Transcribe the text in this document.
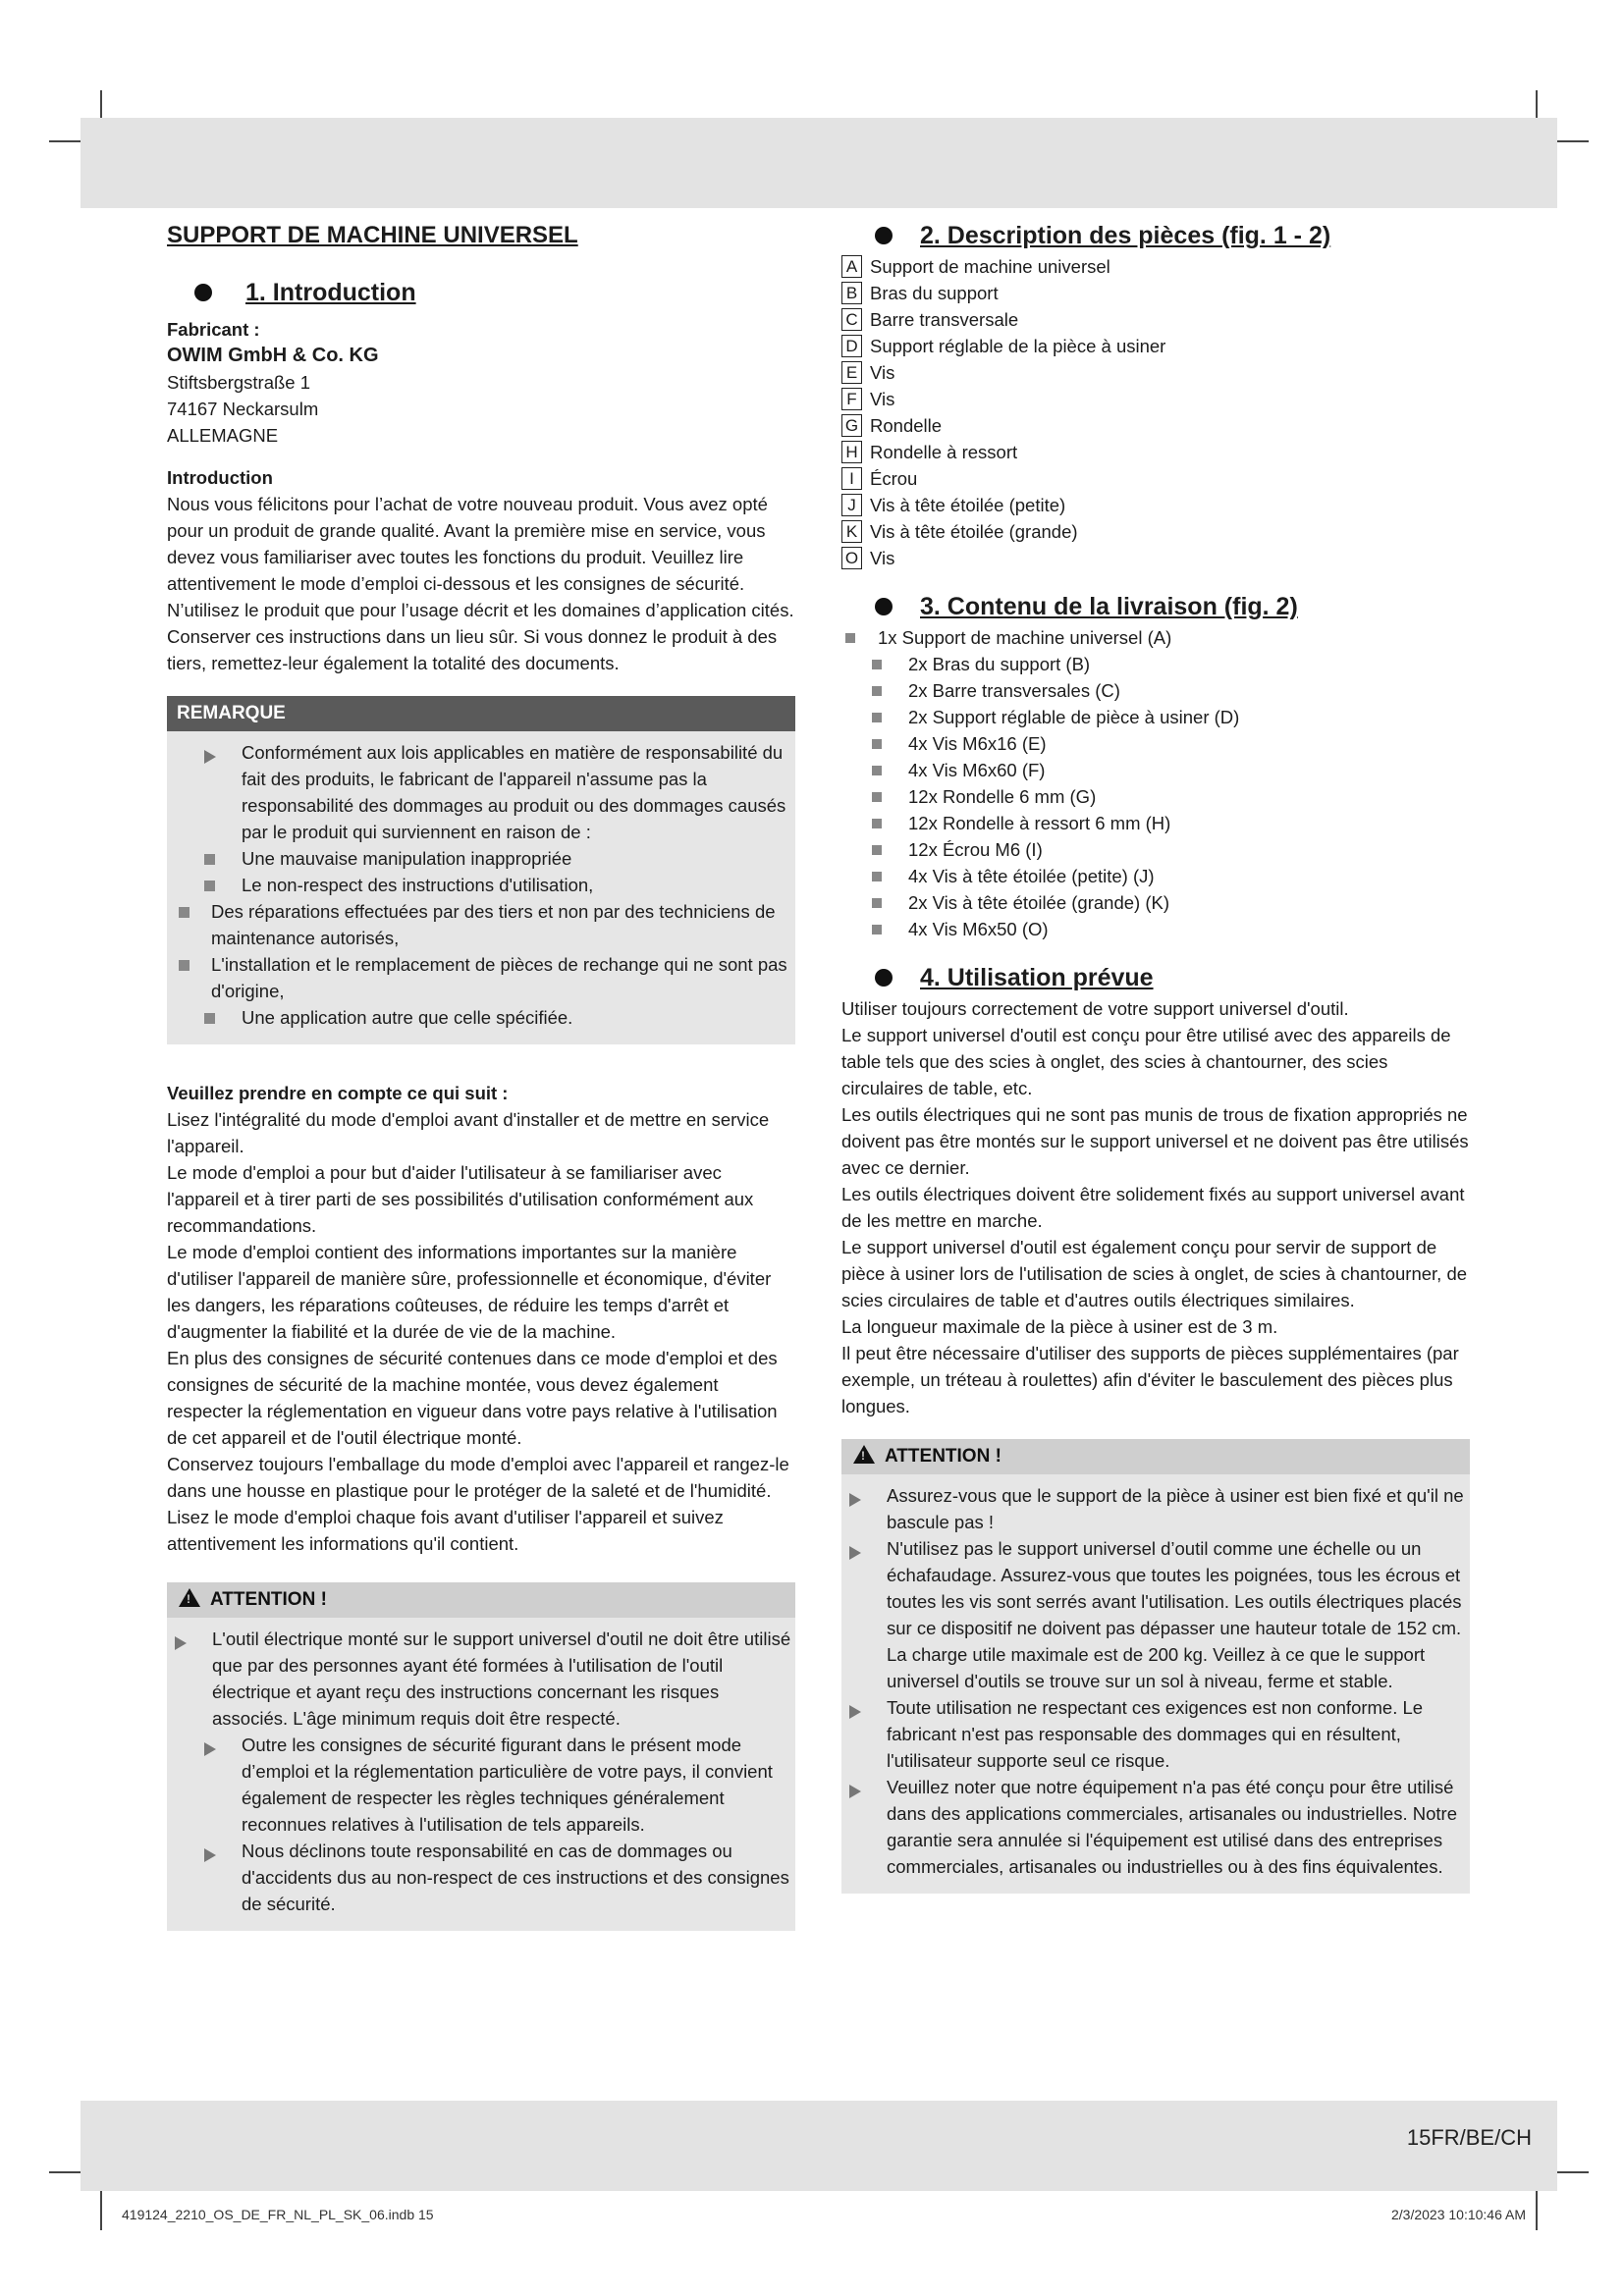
15FR/BE/CH
419124_2210_OS_DE_FR_NL_PL_SK_06.indb 15	2/3/2023 10:10:46 AM
SUPPORT DE MACHINE UNIVERSEL
1. Introduction
Fabricant :
OWIM GmbH & Co. KG
Stiftsbergstraße 1
74167 Neckarsulm
ALLEMAGNE
Introduction

Nous vous félicitons pour l’achat de votre nouveau produit. Vous avez opté pour un produit de grande qualité. Avant la première mise en service, vous devez vous familiariser avec toutes les fonctions du produit. Veuillez lire attentivement le mode d’emploi ci-dessous et les consignes de sécurité. N’utilisez le produit que pour l’usage décrit et les domaines d’application cités. Conserver ces instructions dans un lieu sûr. Si vous donnez le produit à des tiers, remettez-leur également la totalité des documents.

REMARQUE
Conformément aux lois applicables en matière de responsabilité du fait des produits, le fabricant de l'appareil n'assume pas la responsabilité des dommages au produit ou des dommages causés par le produit qui surviennent en raison de :
Une mauvaise manipulation inappropriée
Le non-respect des instructions d'utilisation,
Des réparations effectuées par des tiers et non par des techniciens de maintenance autorisés,
L'installation et le remplacement de pièces de rechange qui ne sont pas d'origine,
Une application autre que celle spécifiée.
Veuillez prendre en compte ce qui suit :

Lisez l'intégralité du mode d'emploi avant d'installer et de mettre en service l'appareil.

Le mode d'emploi a pour but d'aider l'utilisateur à se familiariser avec l'appareil et à tirer parti de ses possibilités d'utilisation conformément aux recommandations.

Le mode d'emploi contient des informations importantes sur la manière d'utiliser l'appareil de manière sûre, professionnelle et économique, d'éviter les dangers, les réparations coûteuses, de réduire les temps d'arrêt et d'augmenter la fiabilité et la durée de vie de la machine.

En plus des consignes de sécurité contenues dans ce mode d'emploi et des consignes de sécurité de la machine montée, vous devez également respecter la réglementation en vigueur dans votre pays relative à l'utilisation de cet appareil et de l'outil électrique monté.

Conservez toujours l'emballage du mode d'emploi avec l'appareil et rangez-le dans une housse en plastique pour le protéger de la saleté et de l'humidité. Lisez le mode d'emploi chaque fois avant d'utiliser l'appareil et suivez attentivement les informations qu'il contient.

!ATTENTION !
L'outil électrique monté sur le support universel d'outil ne doit être utilisé que par des personnes ayant été formées à l'utilisation de l'outil électrique et ayant reçu des instructions concernant les risques associés. L'âge minimum requis doit être respecté.
Outre les consignes de sécurité figurant dans le présent mode d’emploi et la réglementation particulière de votre pays, il convient également de respecter les règles techniques généralement reconnues relatives à l'utilisation de tels appareils.
Nous déclinons toute responsabilité en cas de dommages ou d'accidents dus au non-respect de ces instructions et des consignes de sécurité.
2. Description des pièces (fig. 1 - 2)
A Support de machine universel
B Bras du support
C Barre transversale
D Support réglable de la pièce à usiner
E Vis
F Vis
G Rondelle
H Rondelle à ressort
I Écrou
J Vis à tête étoilée (petite)
K Vis à tête étoilée (grande)
O Vis
3. Contenu de la livraison (fig. 2)
1x Support de machine universel (A)
2x Bras du support (B)
2x Barre transversales (C)
2x Support réglable de pièce à usiner (D)
4x Vis M6x16 (E)
4x Vis M6x60 (F)
12x Rondelle 6 mm (G)
12x Rondelle à ressort 6 mm (H)
12x Écrou M6 (I)
4x Vis à tête étoilée (petite) (J)
2x Vis à tête étoilée (grande) (K)
4x Vis M6x50 (O)
4. Utilisation prévue

Utiliser toujours correctement de votre support universel d'outil.

Le support universel d'outil est conçu pour être utilisé avec des appareils de table tels que des scies à onglet, des scies à chantourner, des scies circulaires de table, etc.

Les outils électriques qui ne sont pas munis de trous de fixation appropriés ne doivent pas être montés sur le support universel et ne doivent pas être utilisés avec ce dernier.

Les outils électriques doivent être solidement fixés au support universel avant de les mettre en marche.

Le support universel d'outil est également conçu pour servir de support de pièce à usiner lors de l'utilisation de scies à onglet, de scies à chantourner, de scies circulaires de table et d'autres outils électriques similaires.

La longueur maximale de la pièce à usiner est de 3 m.

Il peut être nécessaire d'utiliser des supports de pièces supplémentaires (par exemple, un tréteau à roulettes) afin d'éviter le basculement des pièces plus longues.

!ATTENTION !
Assurez-vous que le support de la pièce à usiner est bien fixé et qu'il ne bascule pas !
N'utilisez pas le support universel d’outil comme une échelle ou un échafaudage. Assurez-vous que toutes les poignées, tous les écrous et toutes les vis sont serrés avant l'utilisation. Les outils électriques placés sur ce dispositif ne doivent pas dépasser une hauteur totale de 152 cm. La charge utile maximale est de 200 kg. Veillez à ce que le support universel d'outils se trouve sur un sol à niveau, ferme et stable.
Toute utilisation ne respectant ces exigences est non conforme. Le fabricant n'est pas responsable des dommages qui en résultent, l'utilisateur supporte seul ce risque.
Veuillez noter que notre équipement n'a pas été conçu pour être utilisé dans des applications commerciales, artisanales ou industrielles. Notre garantie sera annulée si l'équipement est utilisé dans des entreprises commerciales, artisanales ou industrielles ou à des fins équivalentes.
